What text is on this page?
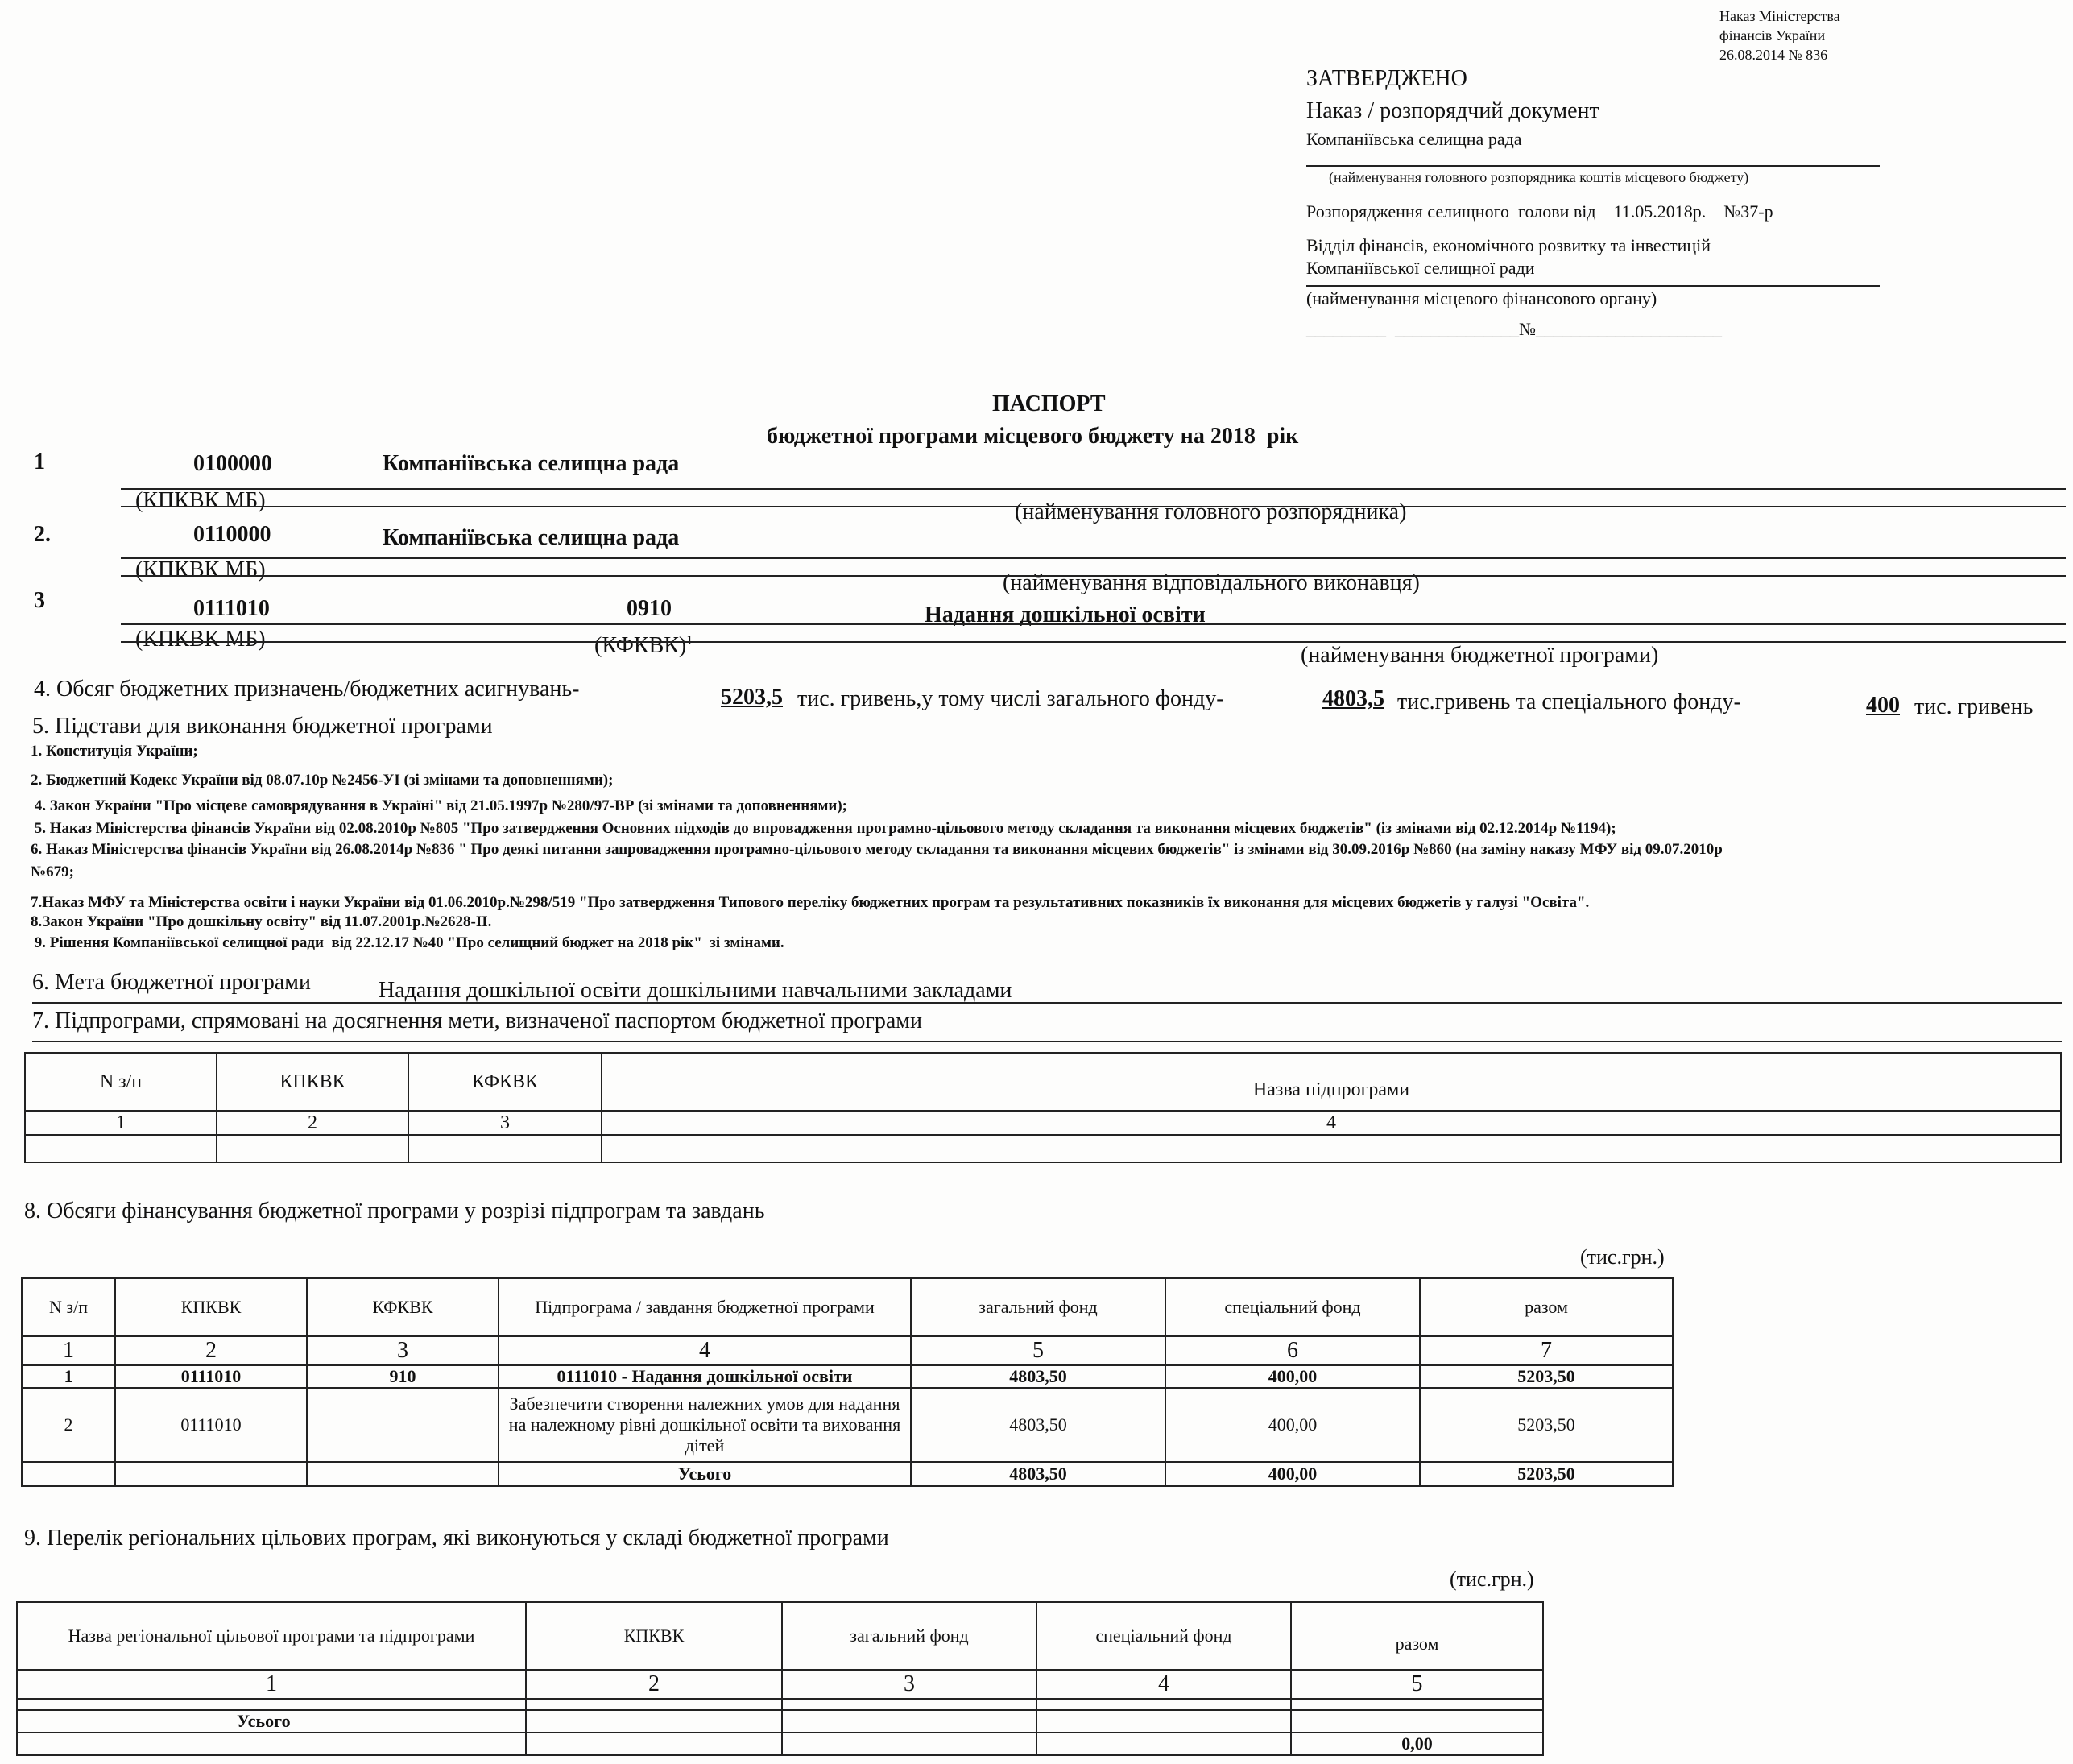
Наказ Міністерства
фінансів України
26.08.2014 № 836
ЗАТВЕРДЖЕНО
Наказ / розпорядчий документ
Компаніївська селищна рада
(найменування головного розпорядника коштів місцевого бюджету)
Розпорядження селищного  голови від    11.05.2018р.    №37-р
Відділ фінансів, економічного розвитку та інвестицій
Компаніївської селищної ради
(найменування місцевого фінансового органу)
_________  ______________№_____________________
ПАСПОРТ
бюджетної програми місцевого бюджету на 2018  рік
1	0100000	Компаніївська селищна рада
(КПКВК МБ)	(найменування головного розпорядника)
2.	0110000	Компаніївська селищна рада
(КПКВК МБ)
(найменування відповідального виконавця)
3	0111010	0910	Надання дошкільної освіти
(КПКВК МБ)	(КФКВК)$^1$
(найменування бюджетної програми)
4. Обсяг бюджетних призначень/бюджетних асигнувань-	5203,5 тис. гривень,у тому числі загального фонду-	4803,5 тис.гривень та спеціального фонду-	400 тис. гривень
5. Підстави для виконання бюджетної програми
1. Конституція України;
2. Бюджетний Кодекс України від 08.07.10р №2456-УІ (зі змінами та доповненнями);
4. Закон України "Про місцеве самоврядування в Україні" від 21.05.1997р №280/97-ВР (зі змінами та доповненнями);
5. Наказ Міністерства фінансів України від 02.08.2010р №805 "Про затвердження Основних підходів до впровадження програмно-цільового методу складання та виконання місцевих бюджетів" (із змінами від 02.12.2014р №1194);
6. Наказ Міністерства фінансів України від 26.08.2014р №836 " Про деякі питання запровадження програмно-цільового методу складання та виконання місцевих бюджетів" із змінами від 30.09.2016р №860 (на заміну наказу МФУ від 09.07.2010р
№679;
7.Наказ МФУ та Міністерства освіти і науки України від 01.06.2010р.№298/519 "Про затвердження Типового переліку бюджетних програм та результативних показників їх виконання для місцевих бюджетів у галузі "Освіта".
8.Закон України "Про дошкільну освіту" від 11.07.2001р.№2628-ІІ.
9. Рішення Компаніївської селищної ради  від 22.12.17 №40 "Про селищний бюджет на 2018 рік"  зі змінами.
6. Мета бюджетної програми	Надання дошкільної освіти дошкільними навчальними закладами
7. Підпрограми, спрямовані на досягнення мети, визначеної паспортом бюджетної програми
N з/п	КПКВК	КФКВК	Назва підпрограми
1	2	3	4

8. Обсяги фінансування бюджетної програми у розрізі підпрограм та завдань
(тис.грн.)
N з/п	КПКВК	КФКВК	Підпрограма / завдання бюджетної програми	загальний фонд	спеціальний фонд	разом
1	2	3	4	5	6	7
1	0111010	910	0111010 - Надання дошкільної освіти	4803,50	400,00	5203,50
2	0111010		Забезпечити створення належних умов для надання на належному рівні дошкільної освіти та виховання дітей	4803,50	400,00	5203,50
			Усього	4803,50	400,00	5203,50
9. Перелік регіональних цільових програм, які виконуються у складі бюджетної програми
(тис.грн.)
Назва регіональної цільової програми та підпрограми	КПКВК	загальний фонд	спеціальний фонд	разом
1	2	3	4	5

Усього				
				0,00
